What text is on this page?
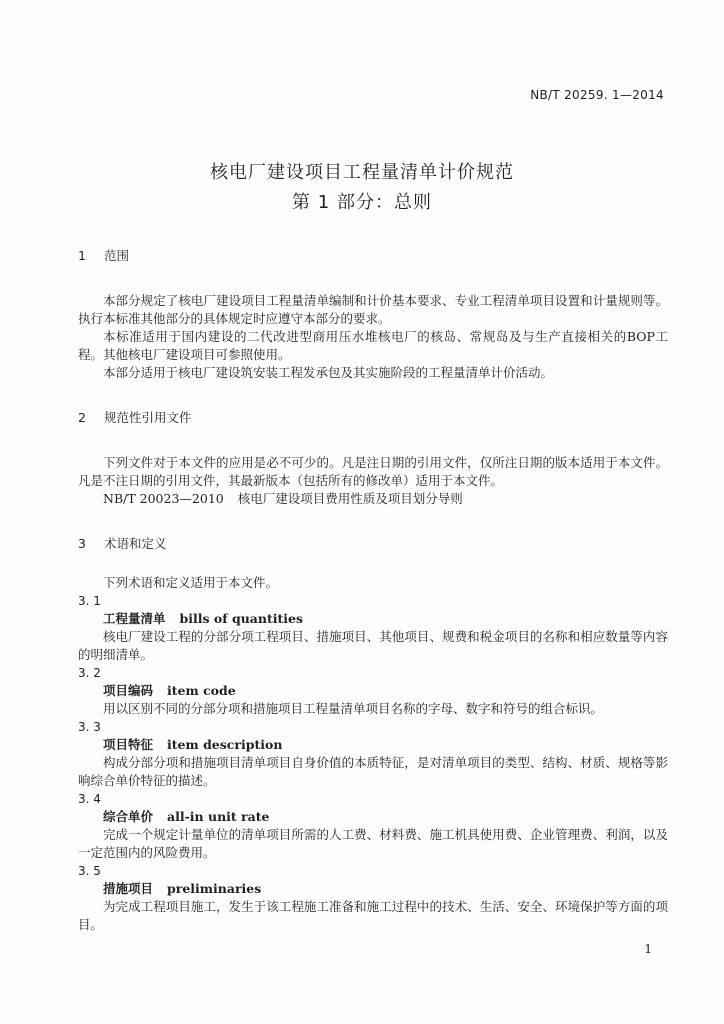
NB/T 20259. 1—2014
核电厂建设项目工程量清单计价规范
第 1 部分：总则

1 范围

本部分规定了核电厂建设项目工程量清单编制和计价基本要求、专业工程清单项目设置和计量规则等。执行本标准其他部分的具体规定时应遵守本部分的要求。

本标准适用于国内建设的二代改进型商用压水堆核电厂的核岛、常规岛及与生产直接相关的BOP工程。其他核电厂建设项目可参照使用。

本部分适用于核电厂建设筑安装工程发承包及其实施阶段的工程量清单计价活动。

2 规范性引用文件

下列文件对于本文件的应用是必不可少的。凡是注日期的引用文件，仅所注日期的版本适用于本文件。凡是不注日期的引用文件，其最新版本（包括所有的修改单）适用于本文件。

NB/T 20023—2010 核电厂建设项目费用性质及项目划分导则

3 术语和定义

下列术语和定义适用于本文件。

3. 1

工程量清单 bills of quantities

核电厂建设工程的分部分项工程项目、措施项目、其他项目、规费和税金项目的名称和相应数量等内容的明细清单。

3. 2

项目编码 item code

用以区别不同的分部分项和措施项目工程量清单项目名称的字母、数字和符号的组合标识。

3. 3

项目特征 item description

构成分部分项和措施项目清单项目自身价值的本质特征，是对清单项目的类型、结构、材质、规格等影响综合单价特征的描述。

3. 4

综合单价 all-in unit rate

完成一个规定计量单位的清单项目所需的人工费、材料费、施工机具使用费、企业管理费、利润，以及一定范围内的风险费用。

3. 5

措施项目 preliminaries

为完成工程项目施工，发生于该工程施工准备和施工过程中的技术、生活、安全、环境保护等方面的项目。

1
